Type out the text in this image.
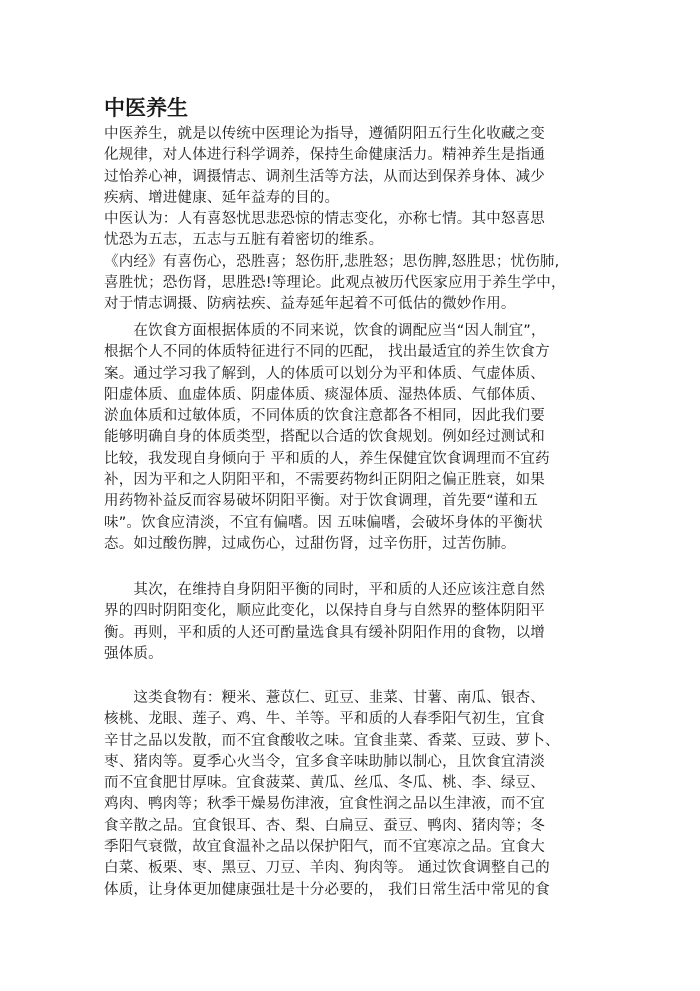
中医养生
中医养生，就是以传统中医理论为指导，遵循阴阳五行生化收藏之变
化规律，对人体进行科学调养，保持生命健康活力。精神养生是指通
过怡养心神，调摄情志、调剂生活等方法，从而达到保养身体、减少
疾病、增进健康、延年益寿的目的。
中医认为：人有喜怒忧思悲恐惊的情志变化，亦称七情。其中怒喜思
忧恐为五志，五志与五脏有着密切的维系。
《内经》有喜伤心，恐胜喜；怒伤肝,悲胜怒；思伤脾,怒胜思；忧伤肺,
喜胜忧；恐伤肾，思胜恐!等理论。此观点被历代医家应用于养生学中，
对于情志调摄、防病祛疾、益寿延年起着不可低估的微妙作用。
　　在饮食方面根据体质的不同来说，饮食的调配应当“因人制宜”，
根据个人不同的体质特征进行不同的匹配， 找出最适宜的养生饮食方
案。通过学习我了解到，人的体质可以划分为平和体质、气虚体质、
阳虚体质、血虚体质、阴虚体质、痰湿体质、湿热体质、气郁体质、
淤血体质和过敏体质，不同体质的饮食注意都各不相同，因此我们要
能够明确自身的体质类型，搭配以合适的饮食规划。例如经过测试和
比较，我发现自身倾向于 平和质的人，养生保健宜饮食调理而不宜药
补，因为平和之人阴阳平和，不需要药物纠正阴阳之偏正胜衰，如果
用药物补益反而容易破坏阴阳平衡。对于饮食调理，首先要“谨和五
味”。饮食应清淡，不宜有偏嗜。因 五味偏嗜，会破坏身体的平衡状
态。如过酸伤脾，过咸伤心，过甜伤肾，过辛伤肝，过苦伤肺。
　　其次，在维持自身阴阳平衡的同时，平和质的人还应该注意自然
界的四时阴阳变化，顺应此变化，以保持自身与自然界的整体阴阳平
衡。再则，平和质的人还可酌量选食具有缓补阴阳作用的食物，以增
强体质。
　　这类食物有：粳米、薏苡仁、豇豆、韭菜、甘薯、南瓜、银杏、
核桃、龙眼、莲子、鸡、牛、羊等。平和质的人春季阳气初生，宜食
辛甘之品以发散，而不宜食酸收之味。宜食韭菜、香菜、豆豉、萝卜、
枣、猪肉等。夏季心火当令，宜多食辛味助肺以制心，且饮食宜清淡
而不宜食肥甘厚味。宜食菠菜、黄瓜、丝瓜、冬瓜、桃、李、绿豆、
鸡肉、鸭肉等；秋季干燥易伤津液，宜食性润之品以生津液，而不宜
食辛散之品。宜食银耳、杏、梨、白扁豆、蚕豆、鸭肉、猪肉等；冬
季阳气衰微，故宜食温补之品以保护阳气，而不宜寒凉之品。宜食大
白菜、板栗、枣、黑豆、刀豆、羊肉、狗肉等。 通过饮食调整自己的
体质，让身体更加健康强壮是十分必要的， 我们日常生活中常见的食
